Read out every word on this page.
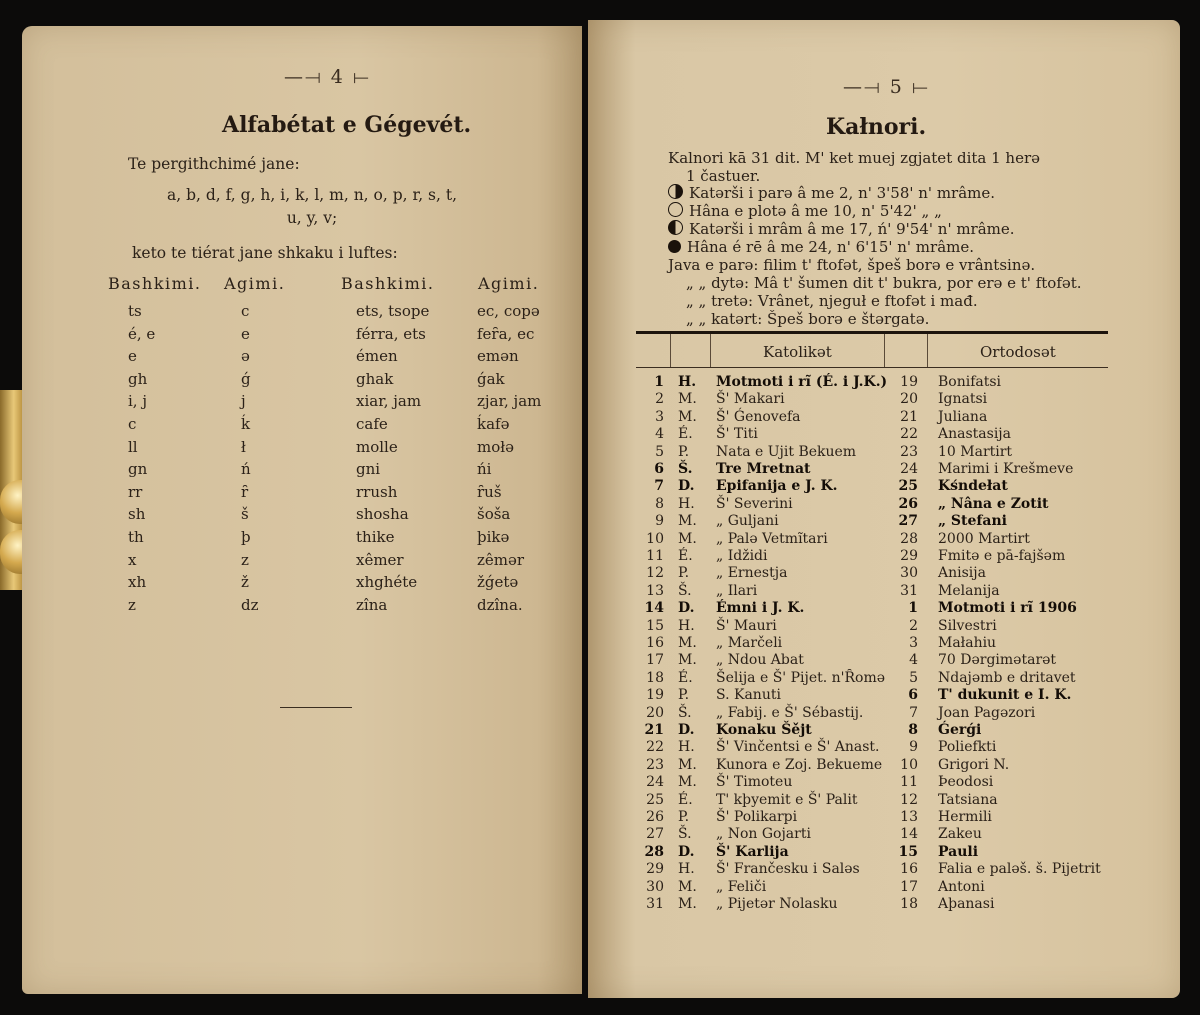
—⟞ 4 ⟝
Alfabétat e Gégevét.
Te pergithchimé jane:
a, b, d, f, g, h, i, k, l, m, n, o, p, r, s, t,
u, y, v;
keto te tiérat jane shkaku i luftes:
Bashkimi. Agimi.	Bashkimi.	Agimi.
ts	c	ets, tsope	ec, copə
é, e	e	férra, ets	feȓa, ec
e	ə	émen	emən
gh	ǵ	ghak	ǵak
i, j	j	xiar, jam	zjar, jam
c	ḱ	cafe	ḱafə
ll	ł	molle	mołə
gn	ń	gni	ńi
rr	ȓ	rrush	ȓuš
sh	š	shosha	šoša
th	þ	thike	þikə
x	z	xêmer	zêmər
xh	ž	xhghéte	žǵetə
z	dz	zîna	dzîna.
—⟞ 5 ⟝
Kałnori.
Kalnori kā 31 dit. M' ket muej zgjatet dita 1 herə
1 častuer.
Katərši i parə â me 2, n' 3'58' n' mrâme.
Hâna e plotə â me 10, n' 5'42' „ „
Katərši i mrâm â me 17, ń' 9'54' n' mrâme.
Hâna é rē â me 24, n' 6'15' n' mrâme.
Java e parə: filim t' ftofət, špeš borə e vrântsinə.
„ „ dytə: Mâ t' šumen dit t' bukra, por erə e t' ftofət.
„ „ tretə: Vrânet, njeguł e ftofət i mađ.
„ „ katərt: Špeš borə e štərgatə.
Katolikət	Ortodosət
1 H. Motmoti i rĩ (É. i J.K.) 19 Bonifatsi
2 M. Š' Makari	20 Ignatsi
3 M. Š' Ǵenovefa	21 Juliana
4 É. Š' Titi	22 Anastasija
5 P. Nata e Ujit Bekuem	23 10 Martirt
6 Š. Tre Mretnat	24 Marimi i Krešmeve
7 D. Epifanija e J. K.	25 Kśndełat
8 H. Š' Severini	26 „ Nâna e Zotit
9 M. „ Guljani	27 „ Stefani
10 M. „ Palə Vetmĩtari	28 2000 Martirt
11 É. „ Idžidi	29 Fmitə e pā-fajšəm
12 P. „ Ernestja	30 Anisija
13 Š. „ Ilari	31 Melanija
14 D. Émni i J. K.	1 Motmoti i rĩ 1906
15 H. Š' Mauri	2 Silvestri
16 M. „ Marčeli	3 Małahiu
17 M. „ Ndou Abat	4 70 Dərgimətarət
18 É. Šelija e Š' Pijet. n'Ȓomə	5 Ndajəmb e dritavet
19 P. S. Kanuti	6 T' dukunit e I. K.
20 Š. „ Fabij. e Š' Sébastij.	7 Joan Pagəzori
21 D. Konaku Šějt	8 Ǵerǵi
22 H. Š' Vinčentsi e Š' Anast.	9 Poliefkti
23 M. Kunora e Zoj. Bekueme	10 Grigori N.
24 M. Š' Timoteu	11 Þeodosi
25 É. T' kþyemit e Š' Palit	12 Tatsiana
26 P. Š' Polikarpi	13 Hermili
27 Š. „ Non Gojarti	14 Zakeu
28 D. Š' Karlija	15 Pauli
29 H. Š' Frančesku i Saləs	16 Falia e paləš. š. Pijetrit
30 M. „ Feliči	17 Antoni
31 M. „ Pijetər Nolasku	18 Aþanasi
